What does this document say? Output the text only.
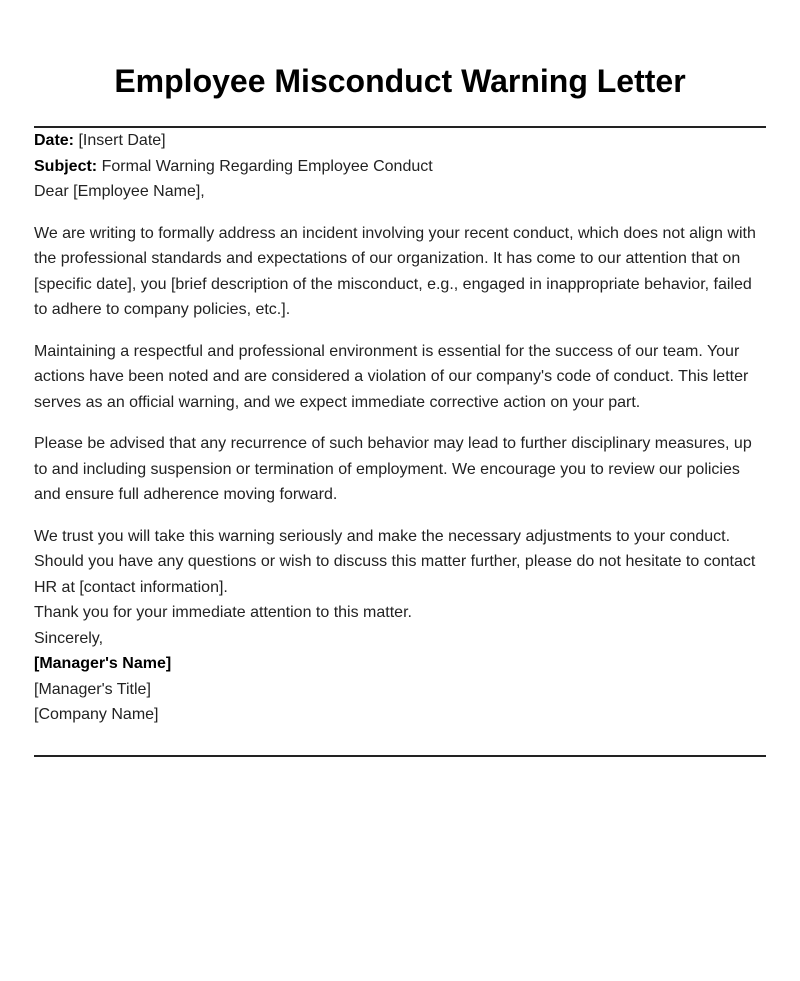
Employee Misconduct Warning Letter

Date: [Insert Date]

Subject: Formal Warning Regarding Employee Conduct

Dear [Employee Name],

We are writing to formally address an incident involving your recent conduct, which does not align with the professional standards and expectations of our organization. It has come to our attention that on [specific date], you [brief description of the misconduct, e.g., engaged in inappropriate behavior, failed to adhere to company policies, etc.].

Maintaining a respectful and professional environment is essential for the success of our team. Your actions have been noted and are considered a violation of our company's code of conduct. This letter serves as an official warning, and we expect immediate corrective action on your part.

Please be advised that any recurrence of such behavior may lead to further disciplinary measures, up to and including suspension or termination of employment. We encourage you to review our policies and ensure full adherence moving forward.

We trust you will take this warning seriously and make the necessary adjustments to your conduct. Should you have any questions or wish to discuss this matter further, please do not hesitate to contact HR at [contact information].

Thank you for your immediate attention to this matter.

Sincerely,

[Manager's Name]

[Manager's Title]

[Company Name]
